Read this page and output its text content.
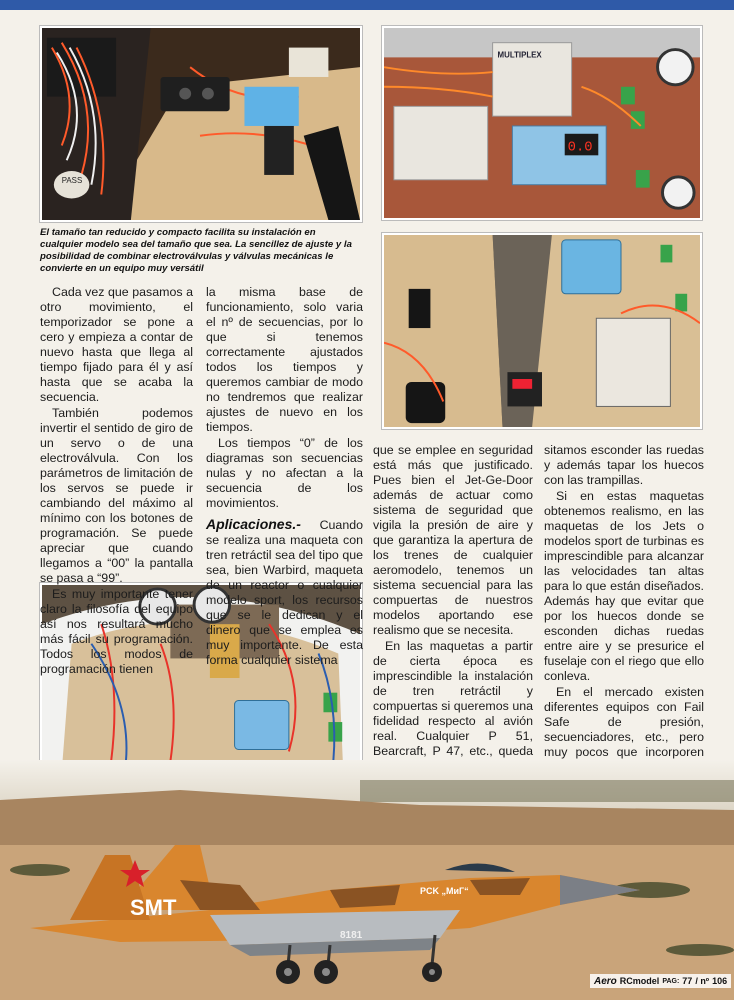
PASS
0.0
MULTIPLEX
El tamaño tan reducido y compacto facilita su instalación en cualquier modelo sea del tamaño que sea. La sencillez de ajuste y la posibilidad de combinar electroválvulas y válvulas mecánicas le convierte en un equipo muy versátil

Cada vez que pasamos a otro movimiento, el temporizador se pone a cero y empieza a contar de nuevo hasta que llega al tiempo fijado para él y así hasta que se acaba la secuencia.

También podemos invertir el sentido de giro de un servo o de una electroválvula. Con los parámetros de limitación de los servos se puede ir cambiando del máximo al mínimo con los botones de programación. Se puede apreciar que cuando llegamos a “00” la pantalla se pasa a “99”.

Es muy importante tener claro la filosofía del equipo así nos resultará mucho más fácil su programación. Todos los modos de programación tienen

la misma base de funcionamiento, solo varia el nº de secuencias, por lo que si tenemos correctamente ajustados todos los tiempos y queremos cambiar de modo no tendremos que realizar ajustes de nuevo en los tiempos.

Los tiempos “0” de los diagramas son secuencias nulas y no afectan a la secuencia de los movimientos.

Aplicaciones.- Cuando se realiza una maqueta con tren retráctil sea del tipo que sea, bien Warbird, maqueta de un reactor o cualquier modelo sport, los recursos que se le dedican y el dinero que se emplea es muy importante. De esta forma cualquier sistema

que se emplee en seguridad está más que justificado. Pues bien el Jet-Ge-Door además de actuar como sistema de seguridad que vigila la presión de aire y que garantiza la apertura de los trenes de cualquier aeromodelo, tenemos un sistema secuencial para las compuertas de nuestros modelos aportando ese realismo que se necesita.

En las maquetas a partir de cierta época es imprescindible la instalación de tren retráctil y compuertas si queremos una fidelidad respecto al avión real. Cualquier P 51, Bearcraft, P 47, etc., queda

sitamos esconder las ruedas y además tapar los huecos con las trampillas.

Si en estas maquetas obtenemos realismo, en las maquetas de los Jets o modelos sport de turbinas es imprescindible para alcanzar las velocidades tan altas para lo que están diseñados. Además hay que evitar que por los huecos donde se esconden dichas ruedas entre aire y se presurice el fuselaje con el riego que ello conleva.

En el mercado existen diferentes equipos con Fail Safe de presión, secuenciadores, etc., pero muy pocos que incorporen

SMT
PCK „МиГ“
8181
Aero RCmodel PAG: 77 / nº 106
